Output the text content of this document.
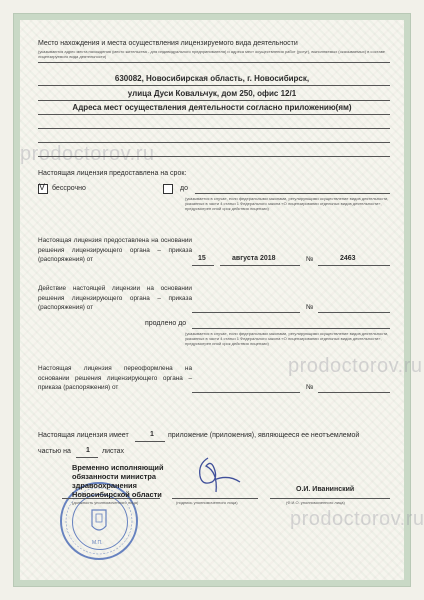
prodoctorov.ru
prodoctorov.ru
prodoctorov.ru
Место нахождения и места осуществления лицензируемого вида деятельности
(указываются адрес места нахождения (место жительства - для индивидуального предпринимателя) и адреса мест осуществления работ (услуг), выполняемых (оказываемых) в составе лицензируемого вида деятельности)
630082, Новосибирская область, г. Новосибирск,
улица Дуси Ковальчук, дом 250, офис 12/1
Адреса мест осуществления деятельности согласно приложению(ям)
Настоящая лицензия предоставлена на срок:
V бессрочно	до
(указывается в случае, если федеральными законами, регулирующими осуществление видов деятельности, указанных в части 4 статьи 1 Федерального закона «О лицензировании отдельных видов деятельности», предусмотрен иной срок действия лицензии)
Настоящая лицензия предоставлена на основании решения лицензирующего органа – приказа (распоряжения) от	15	августа 2018	№	2463
Действие настоящей лицензии на основании решения лицензирующего органа – приказа (распоряжения) от	№
продлено до
(указывается в случае, если федеральными законами, регулирующими осуществление видов деятельности, указанных в части 4 статьи 1 Федерального закона «О лицензировании отдельных видов деятельности», предусмотрен иной срок действия лицензии)
Настоящая лицензия переоформлена на основании решения лицензирующего органа – приказа (распоряжения) от	№
Настоящая лицензия имеет	1 приложение (приложения), являющееся ее неотъемлемой
частью на 1 листах
М.П.
Временно исполняющий
обязанности министра
здравоохранения
Новосибирской области
(должность уполномоченного лица)	(подпись уполномоченного лица)
О.И. Иванинский
(Ф.И.О. уполномоченного лица)
